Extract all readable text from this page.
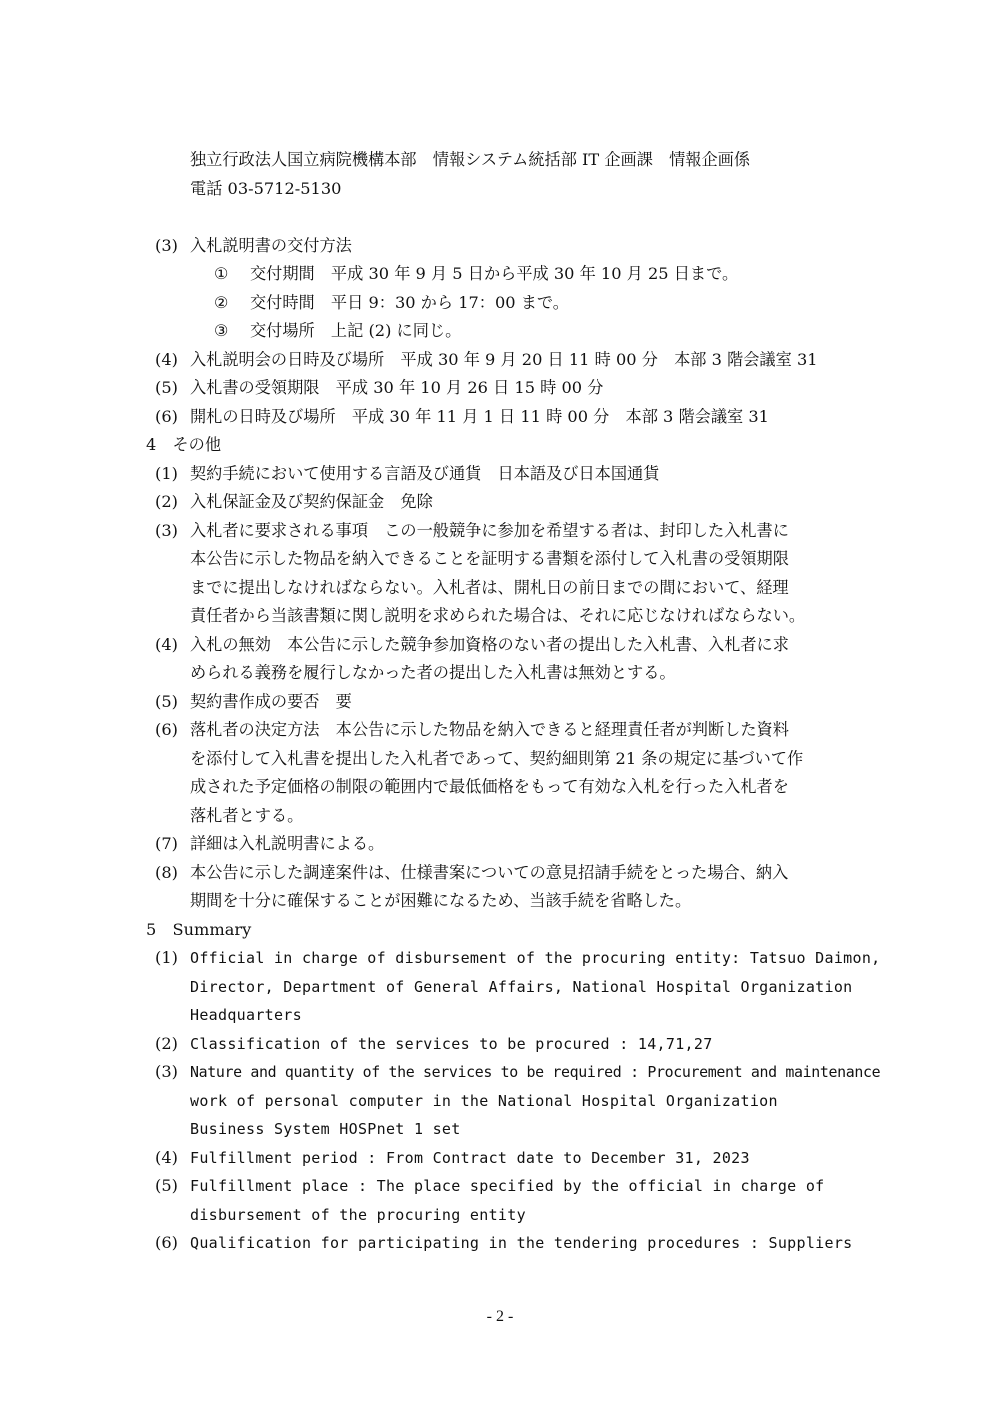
独立行政法人国立病院機構本部　情報システム統括部 IT 企画課　情報企画係
電話 03-5712-5130
(3) 入札説明書の交付方法
① 交付期間　平成 30 年 9 月 5 日から平成 30 年 10 月 25 日まで。
② 交付時間　平日 9：30 から 17：00 まで。
③ 交付場所　上記 (2) に同じ。
(4) 入札説明会の日時及び場所　平成 30 年 9 月 20 日 11 時 00 分　本部 3 階会議室 31
(5) 入札書の受領期限　平成 30 年 10 月 26 日 15 時 00 分
(6) 開札の日時及び場所　平成 30 年 11 月 1 日 11 時 00 分　本部 3 階会議室 31
4　その他
(1) 契約手続において使用する言語及び通貨　日本語及び日本国通貨
(2) 入札保証金及び契約保証金　免除
(3) 入札者に要求される事項　この一般競争に参加を希望する者は、封印した入札書に
本公告に示した物品を納入できることを証明する書類を添付して入札書の受領期限
までに提出しなければならない。入札者は、開札日の前日までの間において、経理
責任者から当該書類に関し説明を求められた場合は、それに応じなければならない。
(4) 入札の無効　本公告に示した競争参加資格のない者の提出した入札書、入札者に求
められる義務を履行しなかった者の提出した入札書は無効とする。
(5) 契約書作成の要否　要
(6) 落札者の決定方法　本公告に示した物品を納入できると経理責任者が判断した資料
を添付して入札書を提出した入札者であって、契約細則第 21 条の規定に基づいて作
成された予定価格の制限の範囲内で最低価格をもって有効な入札を行った入札者を
落札者とする。
(7) 詳細は入札説明書による。
(8) 本公告に示した調達案件は、仕様書案についての意見招請手続をとった場合、納入
期間を十分に確保することが困難になるため、当該手続を省略した。
5　Summary
(1) Official in charge of disbursement of the procuring entity: Tatsuo Daimon,
Director, Department of General Affairs, National Hospital Organization
Headquarters
(2) Classification of the services to be procured : 14,71,27
(3) Nature and quantity of the services to be required : Procurement and maintenance
work of personal computer in the National Hospital Organization
Business System HOSPnet 1 set
(4) Fulfillment period : From Contract date to December 31, 2023
(5) Fulfillment place : The place specified by the official in charge of
disbursement of the procuring entity
(6) Qualification for participating in the tendering procedures : Suppliers
- 2 -
